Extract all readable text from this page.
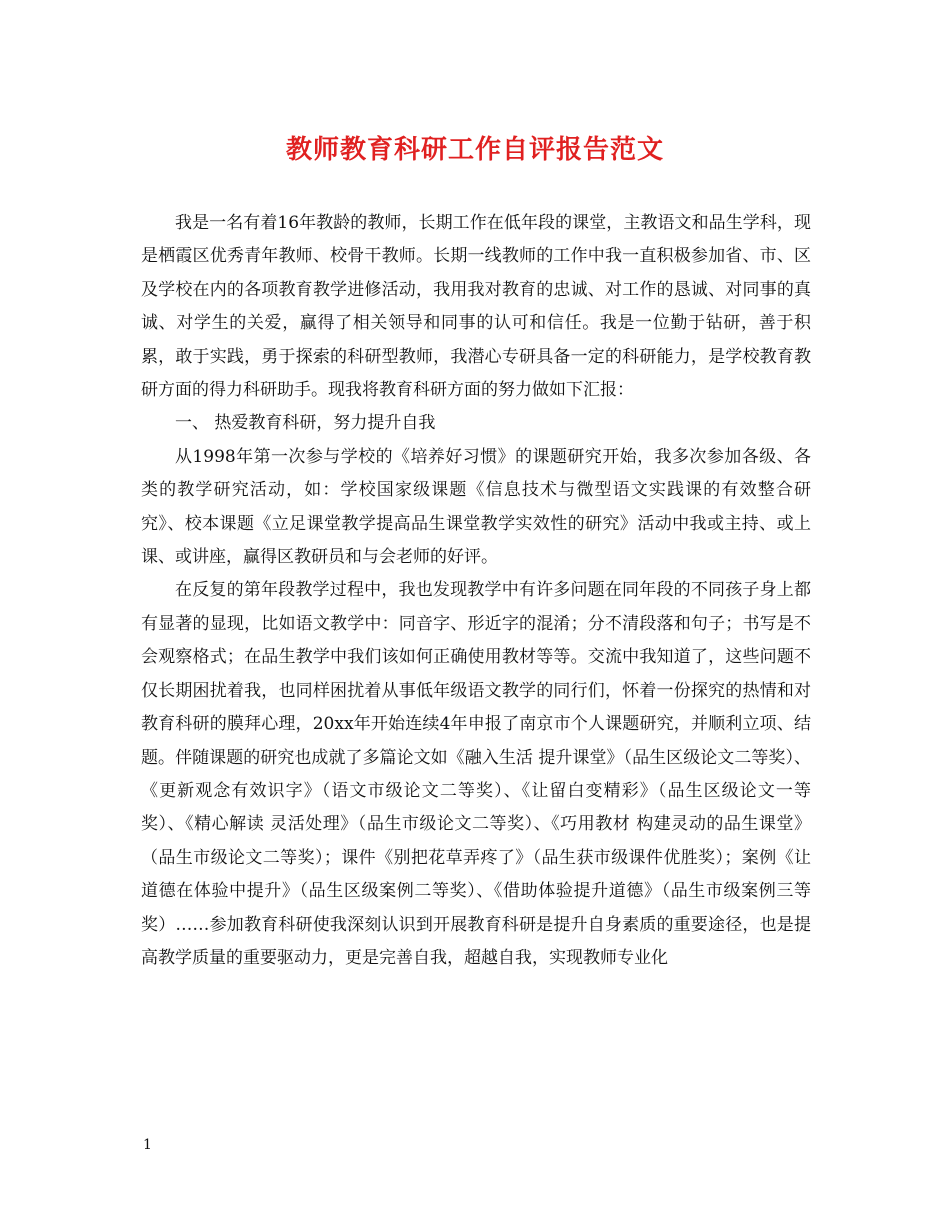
教师教育科研工作自评报告范文

我是一名有着16年教龄的教师，长期工作在低年段的课堂，主教语文和品生学科，现是栖霞区优秀青年教师、校骨干教师。长期一线教师的工作中我一直积极参加省、市、区及学校在内的各项教育教学进修活动，我用我对教育的忠诚、对工作的恳诚、对同事的真诚、对学生的关爱，赢得了相关领导和同事的认可和信任。我是一位勤于钻研，善于积累，敢于实践，勇于探索的科研型教师，我潜心专研具备一定的科研能力，是学校教育教研方面的得力科研助手。现我将教育科研方面的努力做如下汇报：

一、 热爱教育科研，努力提升自我

从1998年第一次参与学校的《培养好习惯》的课题研究开始，我多次参加各级、各类的教学研究活动，如：学校国家级课题《信息技术与微型语文实践课的有效整合研究》、校本课题《立足课堂教学提高品生课堂教学实效性的研究》活动中我或主持、或上课、或讲座，赢得区教研员和与会老师的好评。

在反复的第年段教学过程中，我也发现教学中有许多问题在同年段的不同孩子身上都有显著的显现，比如语文教学中：同音字、形近字的混淆；分不清段落和句子；书写是不会观察格式；在品生教学中我们该如何正确使用教材等等。交流中我知道了，这些问题不仅长期困扰着我，也同样困扰着从事低年级语文教学的同行们，怀着一份探究的热情和对教育科研的膜拜心理，20xx年开始连续4年申报了南京市个人课题研究，并顺利立项、结题。伴随课题的研究也成就了多篇论文如《融入生活 提升课堂》（品生区级论文二等奖）、《更新观念有效识字》（语文市级论文二等奖）、《让留白变精彩》（品生区级论文一等奖）、《精心解读 灵活处理》（品生市级论文二等奖）、《巧用教材 构建灵动的品生课堂》（品生市级论文二等奖）；课件《别把花草弄疼了》（品生获市级课件优胜奖）；案例《让道德在体验中提升》（品生区级案例二等奖）、《借助体验提升道德》（品生市级案例三等奖）……参加教育科研使我深刻认识到开展教育科研是提升自身素质的重要途径，也是提高教学质量的重要驱动力，更是完善自我，超越自我，实现教师专业化

1
